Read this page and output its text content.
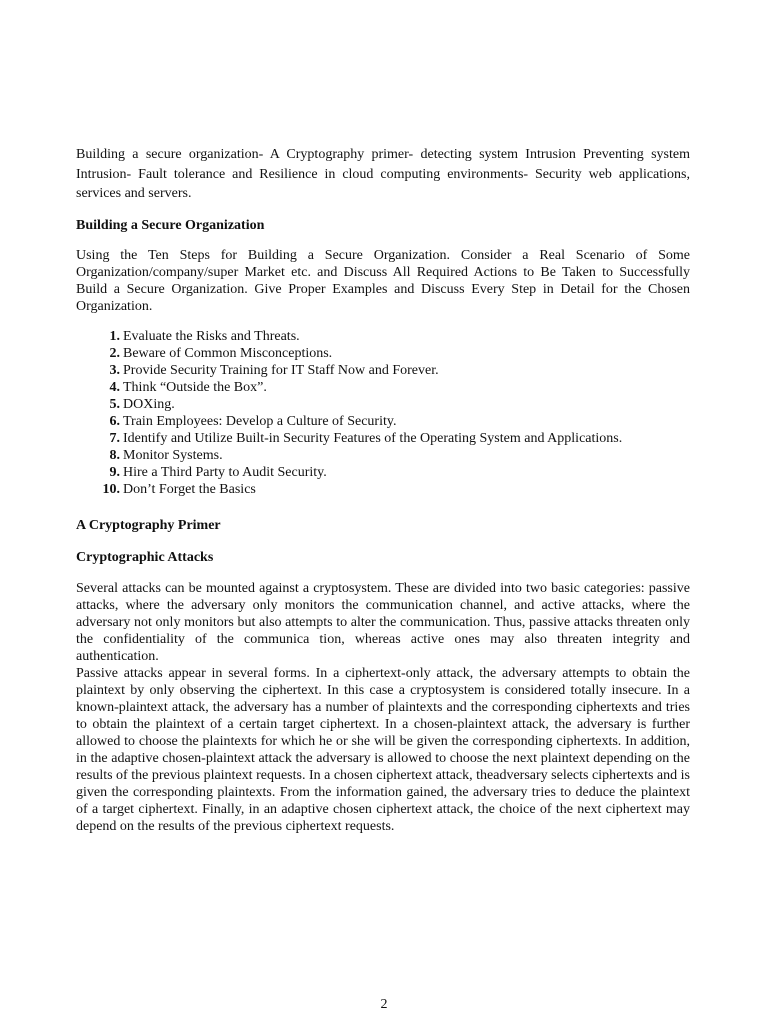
Building a secure organization- A Cryptography primer- detecting system Intrusion Preventing system Intrusion- Fault tolerance and Resilience in cloud computing environments- Security web applications, services and servers.

Building a Secure Organization

Using the Ten Steps for Building a Secure Organization. Consider a Real Scenario of Some Organization/company/super Market etc. and Discuss All Required Actions to Be Taken to Successfully Build a Secure Organization. Give Proper Examples and Discuss Every Step in Detail for the Chosen Organization.

1. Evaluate the Risks and Threats.
2. Beware of Common Misconceptions.
3. Provide Security Training for IT Staff Now and Forever.
4. Think “Outside the Box”.
5. DOXing.
6. Train Employees: Develop a Culture of Security.
7. Identify and Utilize Built-in Security Features of the Operating System and Applications.
8. Monitor Systems.
9. Hire a Third Party to Audit Security.
10. Don’t Forget the Basics
A Cryptography Primer
Cryptographic Attacks

Several attacks can be mounted against a cryptosystem. These are divided into two basic categories: passive attacks, where the adversary only monitors the communication channel, and active attacks, where the adversary not only monitors but also attempts to alter the communication. Thus, passive attacks threaten only the confidentiality of the communica tion, whereas active ones may also threaten integrity and authentication.

Passive attacks appear in several forms. In a ciphertext-only attack, the adversary attempts to obtain the plaintext by only observing the ciphertext. In this case a cryptosystem is considered totally insecure. In a known-plaintext attack, the adversary has a number of plaintexts and the corresponding ciphertexts and tries to obtain the plaintext of a certain target ciphertext. In a chosen-plaintext attack, the adversary is further allowed to choose the plaintexts for which he or she will be given the corresponding ciphertexts. In addition, in the adaptive chosen-plaintext attack the adversary is allowed to choose the next plaintext depending on the results of the previous plaintext requests. In a chosen ciphertext attack, theadversary selects ciphertexts and is given the corresponding plaintexts. From the information gained, the adversary tries to deduce the plaintext of a target ciphertext. Finally, in an adaptive chosen ciphertext attack, the choice of the next ciphertext may depend on the results of the previous ciphertext requests.

2
